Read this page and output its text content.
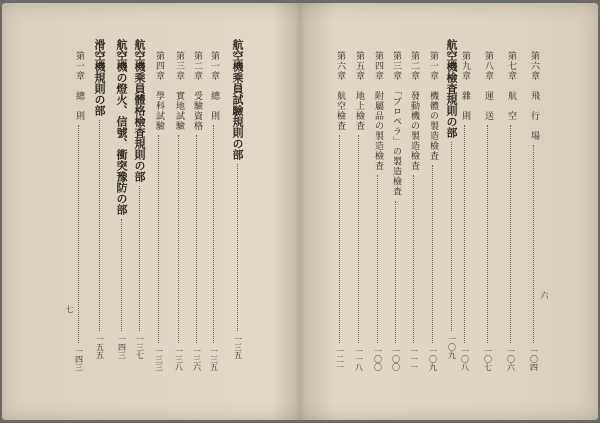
航空機乘員試驗規則の部
一三五
第一章　總　則
一三五
第二章　受驗資格
一三六
第三章　實地試驗
一三八
第四章　學科試驗
一三三
航空機乘員體格檢査規則の部
一三七
航空機の燈火、信號、衝突豫防の部
一四三
滑空機規則の部
一五五
第一章　總　則
一四三
第六章　飛　行　場
一〇四
第七章　航　空
一〇六
第八章　運　送
一〇七
第九章　雜　則
一〇八
航空機檢査規則の部
一〇九
第一章　機體の製造檢査
一〇九
第二章　發動機の製造檢査
一一一
第三章　「プロペラ」の製造檢査
一〇〇
第四章　附屬品の製造檢査
一〇〇
第五章　地上檢査
一一八
第六章　航空檢査
一二一
七
六
